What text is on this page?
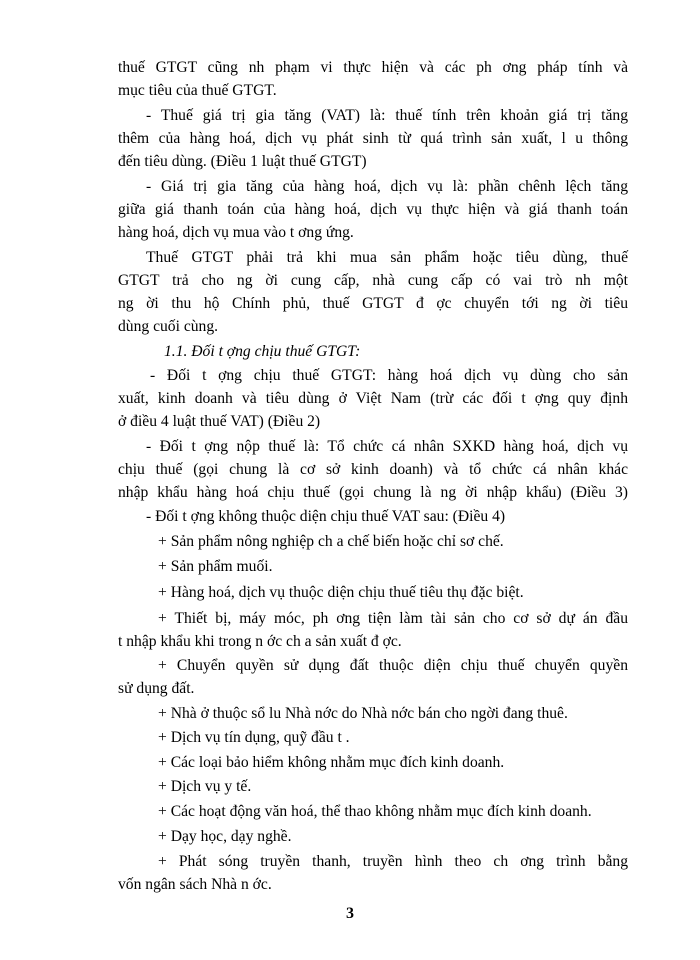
thuế GTGT cũng nh phạm vi thực hiện và các ph ơng pháp tính và
mục tiêu của thuế GTGT.
- Thuế giá trị gia tăng (VAT) là: thuế tính trên khoản giá trị tăng
thêm của hàng hoá, dịch vụ phát sinh từ quá trình sản xuất, l u thông
đến tiêu dùng. (Điều 1 luật thuế GTGT)
- Giá trị gia tăng của hàng hoá, dịch vụ là: phần chênh lệch tăng
giữa giá thanh toán của hàng hoá, dịch vụ thực hiện và giá thanh toán
hàng hoá, dịch vụ mua vào t ơng ứng.
Thuế GTGT phải trả khi mua sản phẩm hoặc tiêu dùng, thuế
GTGT trả cho ng ời cung cấp, nhà cung cấp có vai trò nh một
ng ời thu hộ Chính phủ, thuế GTGT đ ợc chuyển tới ng ời tiêu
dùng cuối cùng.
1.1. Đối t ợng chịu thuế GTGT:
- Đối t ợng chịu thuế GTGT: hàng hoá dịch vụ dùng cho sản
xuất, kinh doanh và tiêu dùng ở Việt Nam (trừ các đối t ợng quy định
ở điều 4 luật thuế VAT) (Điều 2)
- Đối t ợng nộp thuế là: Tổ chức cá nhân SXKD hàng hoá, dịch vụ
chịu thuế (gọi chung là cơ sở kinh doanh) và tổ chức cá nhân khác
nhập khẩu hàng hoá chịu thuế (gọi chung là ng ời nhập khẩu) (Điều 3)
- Đối t ợng không thuộc diện chịu thuế VAT sau: (Điều 4)
+ Sản phẩm nông nghiệp ch a chế biến hoặc chỉ sơ chế.
+ Sản phẩm muối.
+ Hàng hoá, dịch vụ thuộc diện chịu thuế tiêu thụ đặc biệt.
+ Thiết bị, máy móc, ph ơng tiện làm tài sản cho cơ sở dự án đầu
t nhập khẩu khi trong n ớc ch a sản xuất đ ợc.
+ Chuyển quyền sử dụng đất thuộc diện chịu thuế chuyển quyền
sử dụng đất.
+ Nhà ở thuộc sổ lu Nhà nớc do Nhà nớc bán cho ngời đang thuê.
+ Dịch vụ tín dụng, quỹ đầu t .
+ Các loại bảo hiểm không nhằm mục đích kinh doanh.
+ Dịch vụ y tế.
+ Các hoạt động văn hoá, thể thao không nhằm mục đích kinh doanh.
+ Dạy học, dạy nghề.
+ Phát sóng truyền thanh, truyền hình theo ch ơng trình bằng
vốn ngân sách Nhà n ớc.
3
